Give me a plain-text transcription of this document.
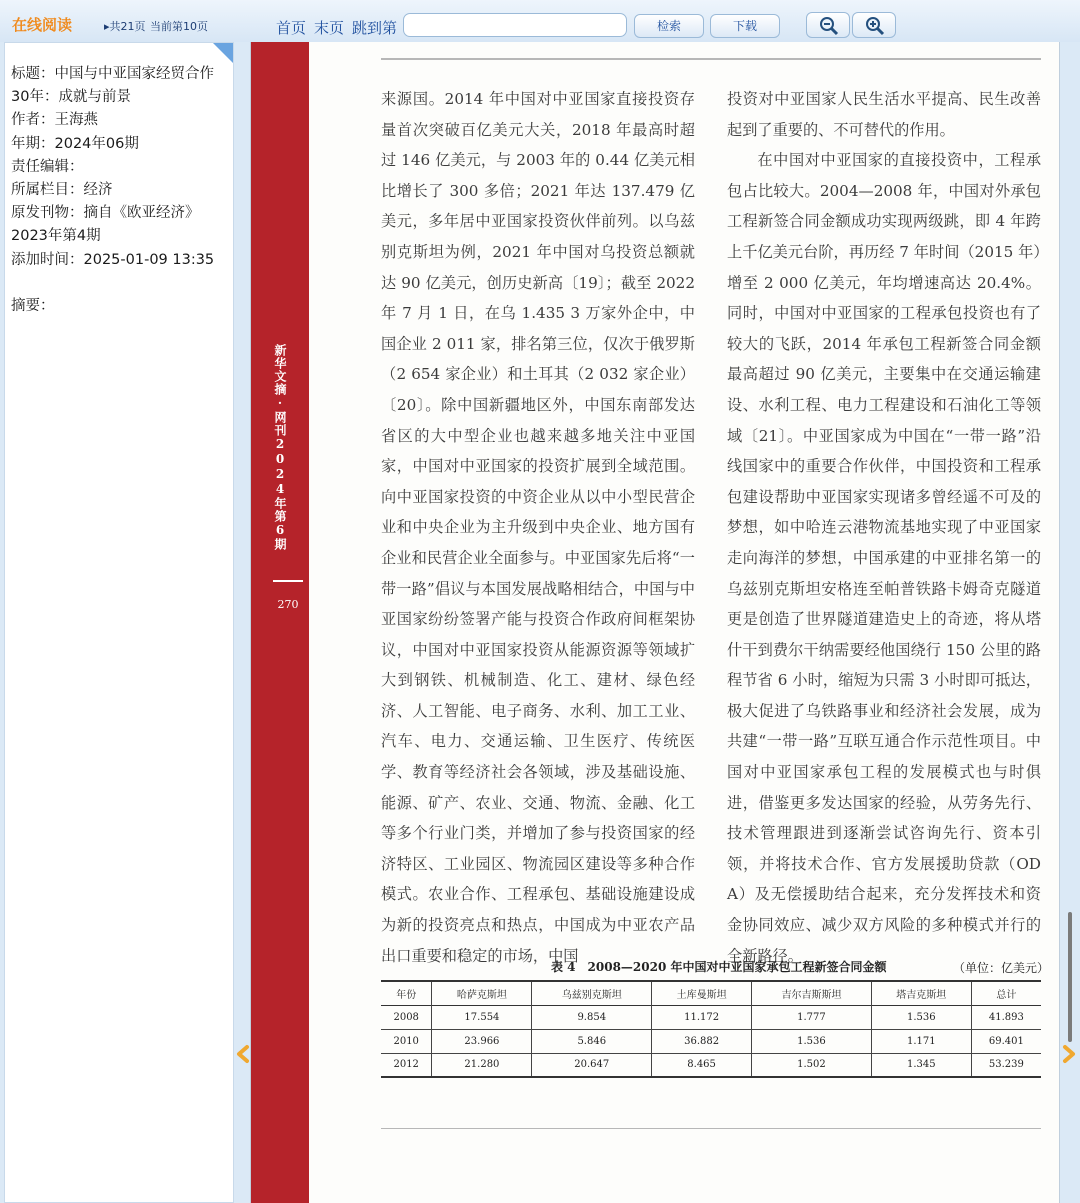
在线阅读	▸共21页 当前第10页	首页 末页 跳到第	检索	下载
标题：中国与中亚国家经贸合作
30年：成就与前景
作者：王海燕
年期：2024年06期
责任编辑：
所属栏目：经济
原发刊物：摘自《欧亚经济》
2023年第4期
添加时间：2025-01-09 13:35
摘要：
新华文摘·网刊2024年第6期
270

来源国。2014 年中国对中亚国家直接投资存量首次突破百亿美元大关，2018 年最高时超过 146 亿美元，与 2003 年的 0.44 亿美元相比增长了 300 多倍；2021 年达 137.479 亿美元，多年居中亚国家投资伙伴前列。以乌兹别克斯坦为例，2021 年中国对乌投资总额就达 90 亿美元，创历史新高〔19〕；截至 2022 年 7 月 1 日，在乌 1.435 3 万家外企中，中国企业 2 011 家，排名第三位，仅次于俄罗斯（2 654 家企业）和土耳其（2 032 家企业）〔20〕。除中国新疆地区外，中国东南部发达省区的大中型企业也越来越多地关注中亚国家，中国对中亚国家的投资扩展到全域范围。向中亚国家投资的中资企业从以中小型民营企业和中央企业为主升级到中央企业、地方国有企业和民营企业全面参与。中亚国家先后将“一带一路”倡议与本国发展战略相结合，中国与中亚国家纷纷签署产能与投资合作政府间框架协议，中国对中亚国家投资从能源资源等领域扩大到钢铁、机械制造、化工、建材、绿色经济、人工智能、电子商务、水利、加工工业、汽车、电力、交通运输、卫生医疗、传统医学、教育等经济社会各领域，涉及基础设施、能源、矿产、农业、交通、物流、金融、化工等多个行业门类，并增加了参与投资国家的经济特区、工业园区、物流园区建设等多种合作模式。农业合作、工程承包、基础设施建设成为新的投资亮点和热点，中国成为中亚农产品出口重要和稳定的市场，中国

投资对中亚国家人民生活水平提高、民生改善起到了重要的、不可替代的作用。

在中国对中亚国家的直接投资中，工程承包占比较大。2004—2008 年，中国对外承包工程新签合同金额成功实现两级跳，即 4 年跨上千亿美元台阶，再历经 7 年时间（2015 年）增至 2 000 亿美元，年均增速高达 20.4%。同时，中国对中亚国家的工程承包投资也有了较大的飞跃，2014 年承包工程新签合同金额最高超过 90 亿美元，主要集中在交通运输建设、水利工程、电力工程建设和石油化工等领域〔21〕。中亚国家成为中国在“一带一路”沿线国家中的重要合作伙伴，中国投资和工程承包建设帮助中亚国家实现诸多曾经遥不可及的梦想，如中哈连云港物流基地实现了中亚国家走向海洋的梦想，中国承建的中亚排名第一的乌兹别克斯坦安格连至帕普铁路卡姆奇克隧道更是创造了世界隧道建造史上的奇迹，将从塔什干到费尔干纳需要经他国绕行 150 公里的路程节省 6 小时，缩短为只需 3 小时即可抵达，极大促进了乌铁路事业和经济社会发展，成为共建“一带一路”互联互通合作示范性项目。中国对中亚国家承包工程的发展模式也与时俱进，借鉴更多发达国家的经验，从劳务先行、技术管理跟进到逐渐尝试咨询先行、资本引领，并将技术合作、官方发展援助贷款（ODA）及无偿援助结合起来，充分发挥技术和资金协同效应、减少双方风险的多种模式并行的全新路径。

表 4　2008—2020 年中国对中亚国家承包工程新签合同金额	（单位：亿美元）
年份	哈萨克斯坦	乌兹别克斯坦	土库曼斯坦	吉尔吉斯斯坦	塔吉克斯坦	总计
2008	17.554	9.854	11.172	1.777	1.536	41.893
2010	23.966	5.846	36.882	1.536	1.171	69.401
2012	21.280	20.647	8.465	1.502	1.345	53.239
